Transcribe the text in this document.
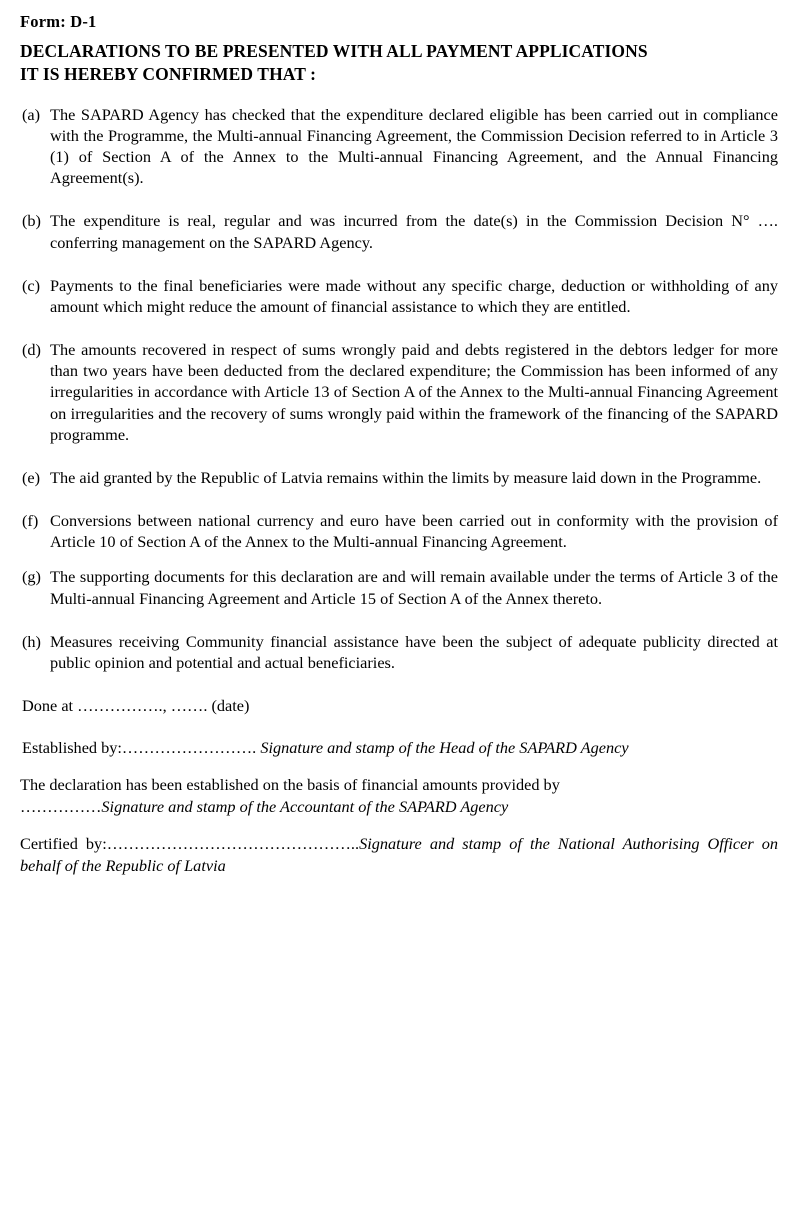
Form: D-1
DECLARATIONS TO BE PRESENTED WITH ALL PAYMENT APPLICATIONS
IT IS HEREBY CONFIRMED THAT :
(a) The SAPARD Agency has checked that the expenditure declared eligible has been carried out in compliance with the Programme, the Multi-annual Financing Agreement, the Commission Decision referred to in Article 3 (1) of Section A of the Annex to the Multi-annual Financing Agreement, and the Annual Financing Agreement(s).
(b) The expenditure is real, regular and was incurred from the date(s) in the Commission Decision N° …. conferring management on the SAPARD Agency.
(c) Payments to the final beneficiaries were made without any specific charge, deduction or withholding of any amount which might reduce the amount of financial assistance to which they are entitled.
(d) The amounts recovered in respect of sums wrongly paid and debts registered in the debtors ledger for more than two years have been deducted from the declared expenditure; the Commission has been informed of any irregularities in accordance with Article 13 of Section A of the Annex to the Multi-annual Financing Agreement on irregularities and the recovery of sums wrongly paid within the framework of the financing of the SAPARD programme.
(e) The aid granted by the Republic of Latvia remains within the limits by measure laid down in the Programme.
(f) Conversions between national currency and euro have been carried out in conformity with the provision of Article 10 of Section A of the Annex to the Multi-annual Financing Agreement.
(g) The supporting documents for this declaration are and will remain available under the terms of Article 3 of the Multi-annual Financing Agreement and Article 15 of Section A of the Annex thereto.
(h) Measures receiving Community financial assistance have been the subject of adequate publicity directed at public opinion and potential and actual beneficiaries.
Done at ……………., ……. (date)
Established by:……………………. Signature and stamp of the Head of the SAPARD Agency
The declaration has been established on the basis of financial amounts provided by
……………Signature and stamp of the Accountant of the SAPARD Agency
Certified by:………………………………………..Signature and stamp of the National Authorising Officer on behalf of the Republic of Latvia
